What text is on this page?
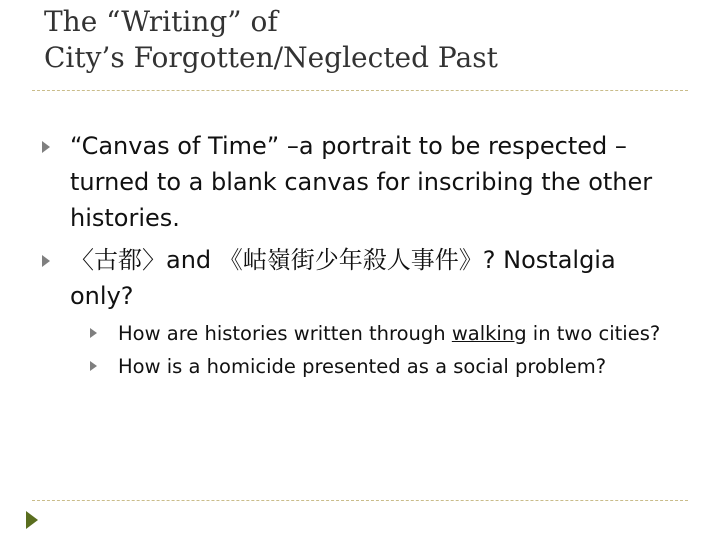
The “Writing” of
City’s Forgotten/Neglected Past
“Canvas of Time” –a portrait to be respected –turned to a blank canvas for inscribing the other histories.
〈古都〉and 《岵嶺街少年殺人事件》? Nostalgia only?
How are histories written through walking in two cities?
How is a homicide presented as a social problem?
